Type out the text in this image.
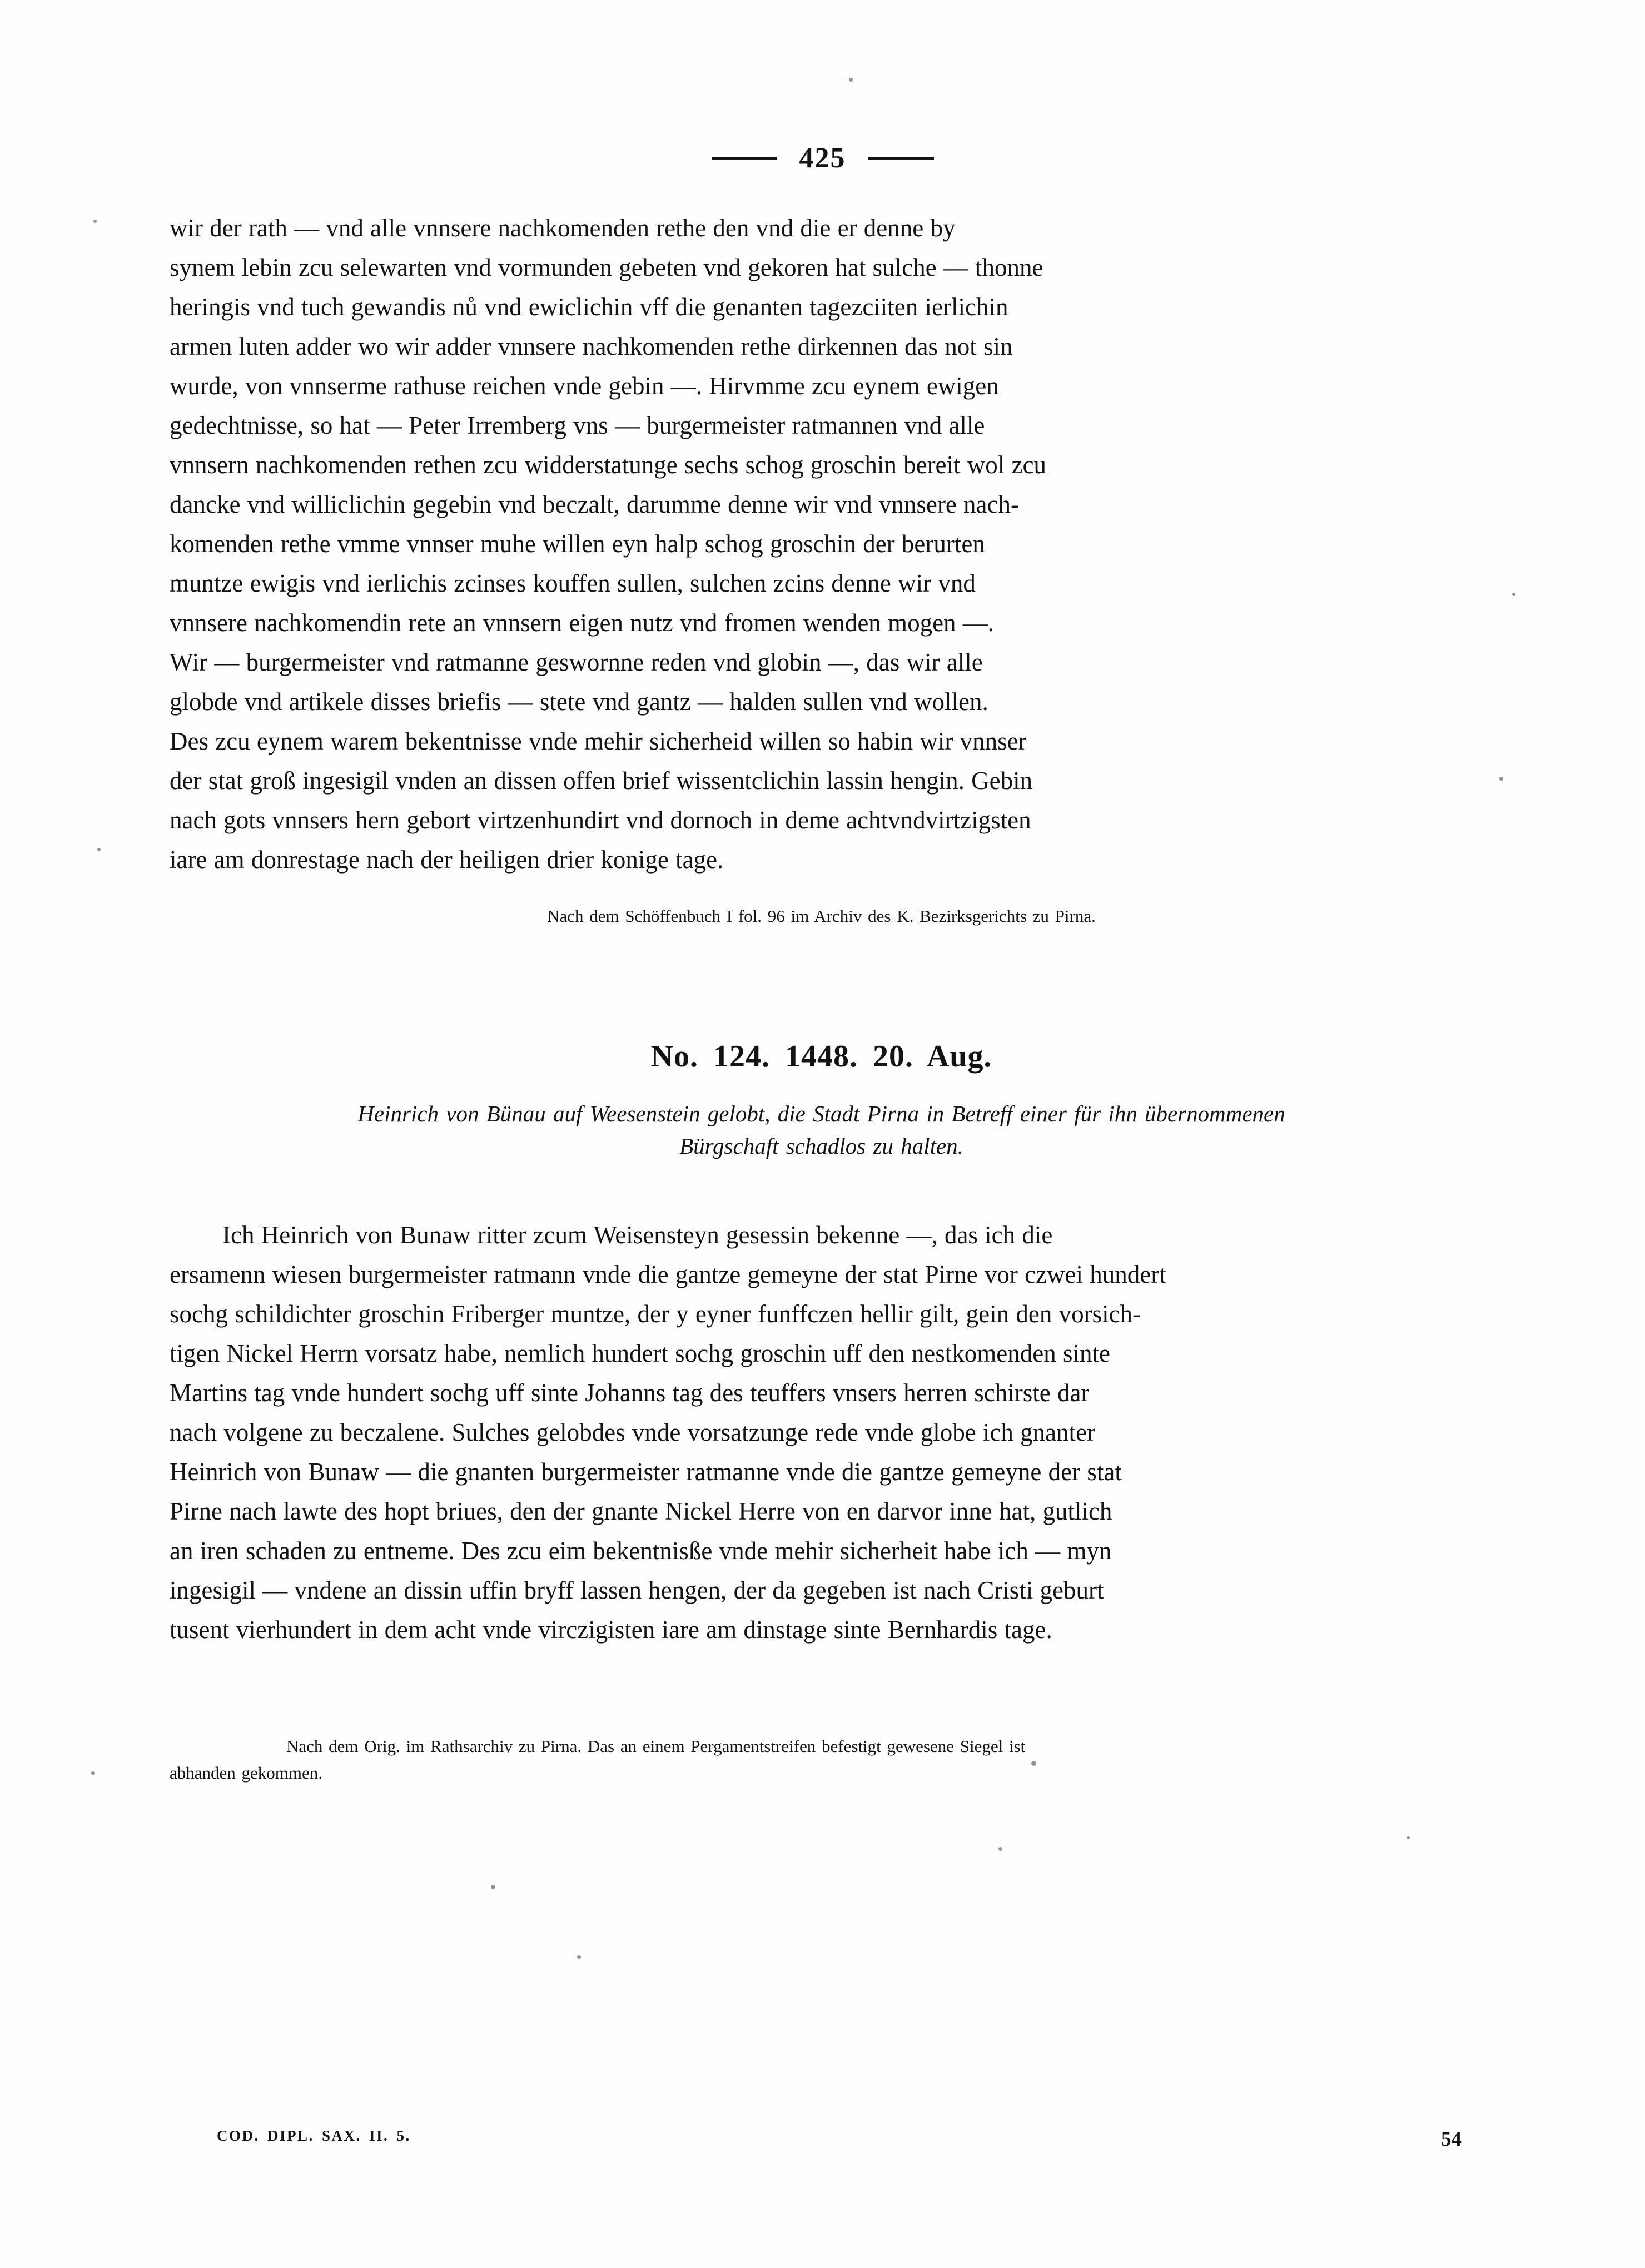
425

wir der rath — vnd alle vnnsere nachkomenden rethe den vnd die er denne by
synem lebin zcu selewarten vnd vormunden gebeten vnd gekoren hat sulche — thonne
heringis vnd tuch gewandis nů vnd ewiclichin vff die genanten tagezciiten ierlichin
armen luten adder wo wir adder vnnsere nachkomenden rethe dirkennen das not sin
wurde, von vnnserme rathuse reichen vnde gebin —. Hirvmme zcu eynem ewigen
gedechtnisse, so hat — Peter Irremberg vns — burgermeister ratmannen vnd alle
vnnsern nachkomenden rethen zcu widderstatunge sechs schog groschin bereit wol zcu
dancke vnd williclichin gegebin vnd beczalt, darumme denne wir vnd vnnsere nach-
komenden rethe vmme vnnser muhe willen eyn halp schog groschin der berurten
muntze ewigis vnd ierlichis zcinses kouffen sullen, sulchen zcins denne wir vnd
vnnsere nachkomendin rete an vnnsern eigen nutz vnd fromen wenden mogen —.
Wir — burgermeister vnd ratmanne geswornne reden vnd globin —, das wir alle
globde vnd artikele disses briefis — stete vnd gantz — halden sullen vnd wollen.
Des zcu eynem warem bekentnisse vnde mehir sicherheid willen so habin wir vnnser
der stat groß ingesigil vnden an dissen offen brief wissentclichin lassin hengin. Gebin
nach gots vnnsers hern gebort virtzenhundirt vnd dornoch in deme achtvndvirtzigsten
iare am donrestage nach der heiligen drier konige tage.

Nach dem Schöffenbuch I fol. 96 im Archiv des K. Bezirksgerichts zu Pirna.

No. 124. 1448. 20. Aug.

Heinrich von Bünau auf Weesenstein gelobt, die Stadt Pirna in Betreff einer für ihn übernommenen
Bürgschaft schadlos zu halten.

Ich Heinrich von Bunaw ritter zcum Weisensteyn gesessin bekenne —, das ich die
ersamenn wiesen burgermeister ratmann vnde die gantze gemeyne der stat Pirne vor czwei hundert
sochg schildichter groschin Friberger muntze, der y eyner funffczen hellir gilt, gein den vorsich-
tigen Nickel Herrn vorsatz habe, nemlich hundert sochg groschin uff den nestkomenden sinte
Martins tag vnde hundert sochg uff sinte Johanns tag des teuffers vnsers herren schirste dar
nach volgene zu beczalene. Sulches gelobdes vnde vorsatzunge rede vnde globe ich gnanter
Heinrich von Bunaw — die gnanten burgermeister ratmanne vnde die gantze gemeyne der stat
Pirne nach lawte des hopt briues, den der gnante Nickel Herre von en darvor inne hat, gutlich
an iren schaden zu entneme. Des zcu eim bekentnisße vnde mehir sicherheit habe ich — myn
ingesigil — vndene an dissin uffin bryff lassen hengen, der da gegeben ist nach Cristi geburt
tusent vierhundert in dem acht vnde virczigisten iare am dinstage sinte Bernhardis tage.

Nach dem Orig. im Rathsarchiv zu Pirna. Das an einem Pergamentstreifen befestigt gewesene Siegel ist
abhanden gekommen.

COD. DIPL. SAX. II. 5.	54
